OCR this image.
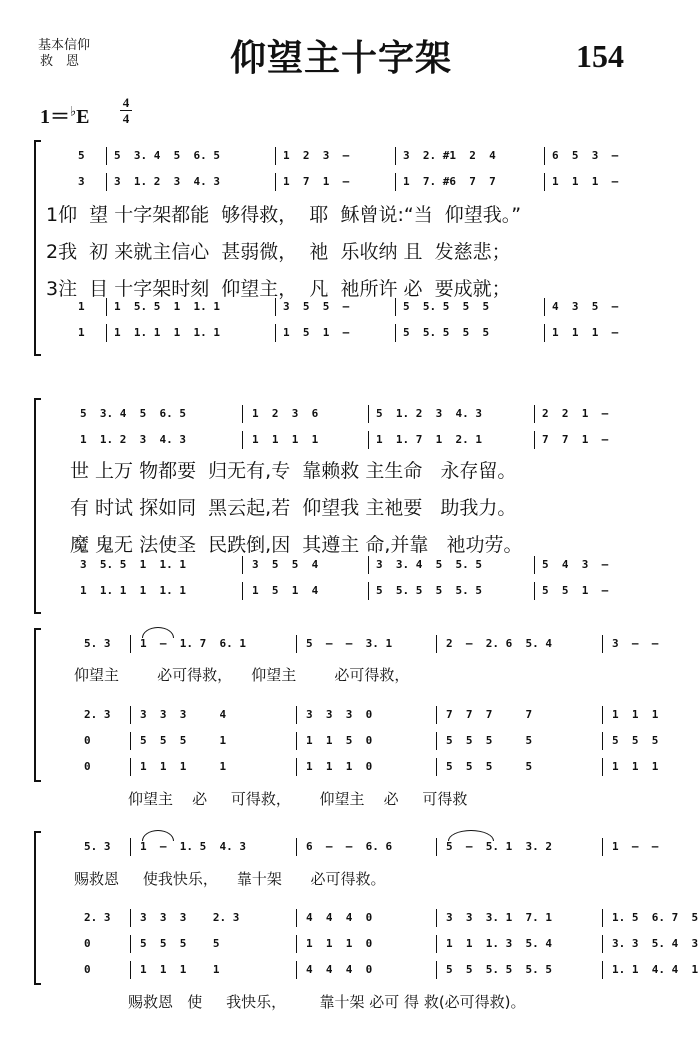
基本信仰
救　恩	仰望主十字架	154
1＝♭E
4
4
5	5  3. 4  5  6. 5	1  2  3  –	3  2. #1  2  4	6  5  3  –
3	3  1. 2  3  4. 3	1  7  1  –	1  7. #6  7  7	1  1  1  –
1仰  望 十字架都能  够得救，  耶  稣曾说:“当  仰望我。”
2我  初 来就主信心  甚弱微，  祂  乐收纳 且  发慈悲；
3注  目 十字架时刻  仰望主，  凡  祂所许 必  要成就；
1	1  5. 5  1  1. 1	3  5  5  –	5  5. 5  5  5	4  3  5  –
1	1  1. 1  1  1. 1	1  5  1  –	5  5. 5  5  5	1  1  1  –
5  3. 4  5  6. 5	1  2  3  6	5  1. 2  3  4. 3	2  2  1  –
1  1. 2  3  4. 3	1  1  1  1	1  1. 7  1  2. 1	7  7  1  –
世 上万 物都要  归无有,专  靠赖救 主生命   永存留。
有 时试 探如同  黑云起,若  仰望我 主祂要   助我力。
魔 鬼无 法使圣  民跌倒,因  其遵主 命,并靠   祂功劳。
3  5. 5  1  1. 1	3  5  5  4	3  3. 4  5  5. 5	5  4  3  –
1  1. 1  1  1. 1	1  5  1  4	5  5. 5  5  5. 5	5  5  1  –
5. 3	1  –  1. 7  6. 1	5  –  –  3. 1	2  –  2. 6  5. 4	3  –  –
仰望主        必可得救，    仰望主        必可得救，
2. 3	3  3  3     4	3  3  3  0	7  7  7     7	1  1  1
0	5  5  5     1	1  1  5  0	5  5  5     5	5  5  5
0	1  1  1     1	1  1  1  0	5  5  5     5	1  1  1
仰望主    必     可得救，      仰望主    必     可得救
5. 3	1  –  1. 5  4. 3	6  –  –  6. 6	5  –  5. 1  3. 2	1  –  –
赐救恩     使我快乐，    靠十架      必可得救。
2. 3	3  3  3    2. 3	4  4  4  0	3  3  3. 1  7. 1	1. 5  6. 7  5
0	5  5  5    5	1  1  1  0	1  1  1. 3  5. 4	3. 3  5. 4  3
0	1  1  1    1	4  4  4  0	5  5  5. 5  5. 5	1. 1  4. 4  1
赐救恩   使     我快乐，       靠十架 必可 得 救(必可得救)。
